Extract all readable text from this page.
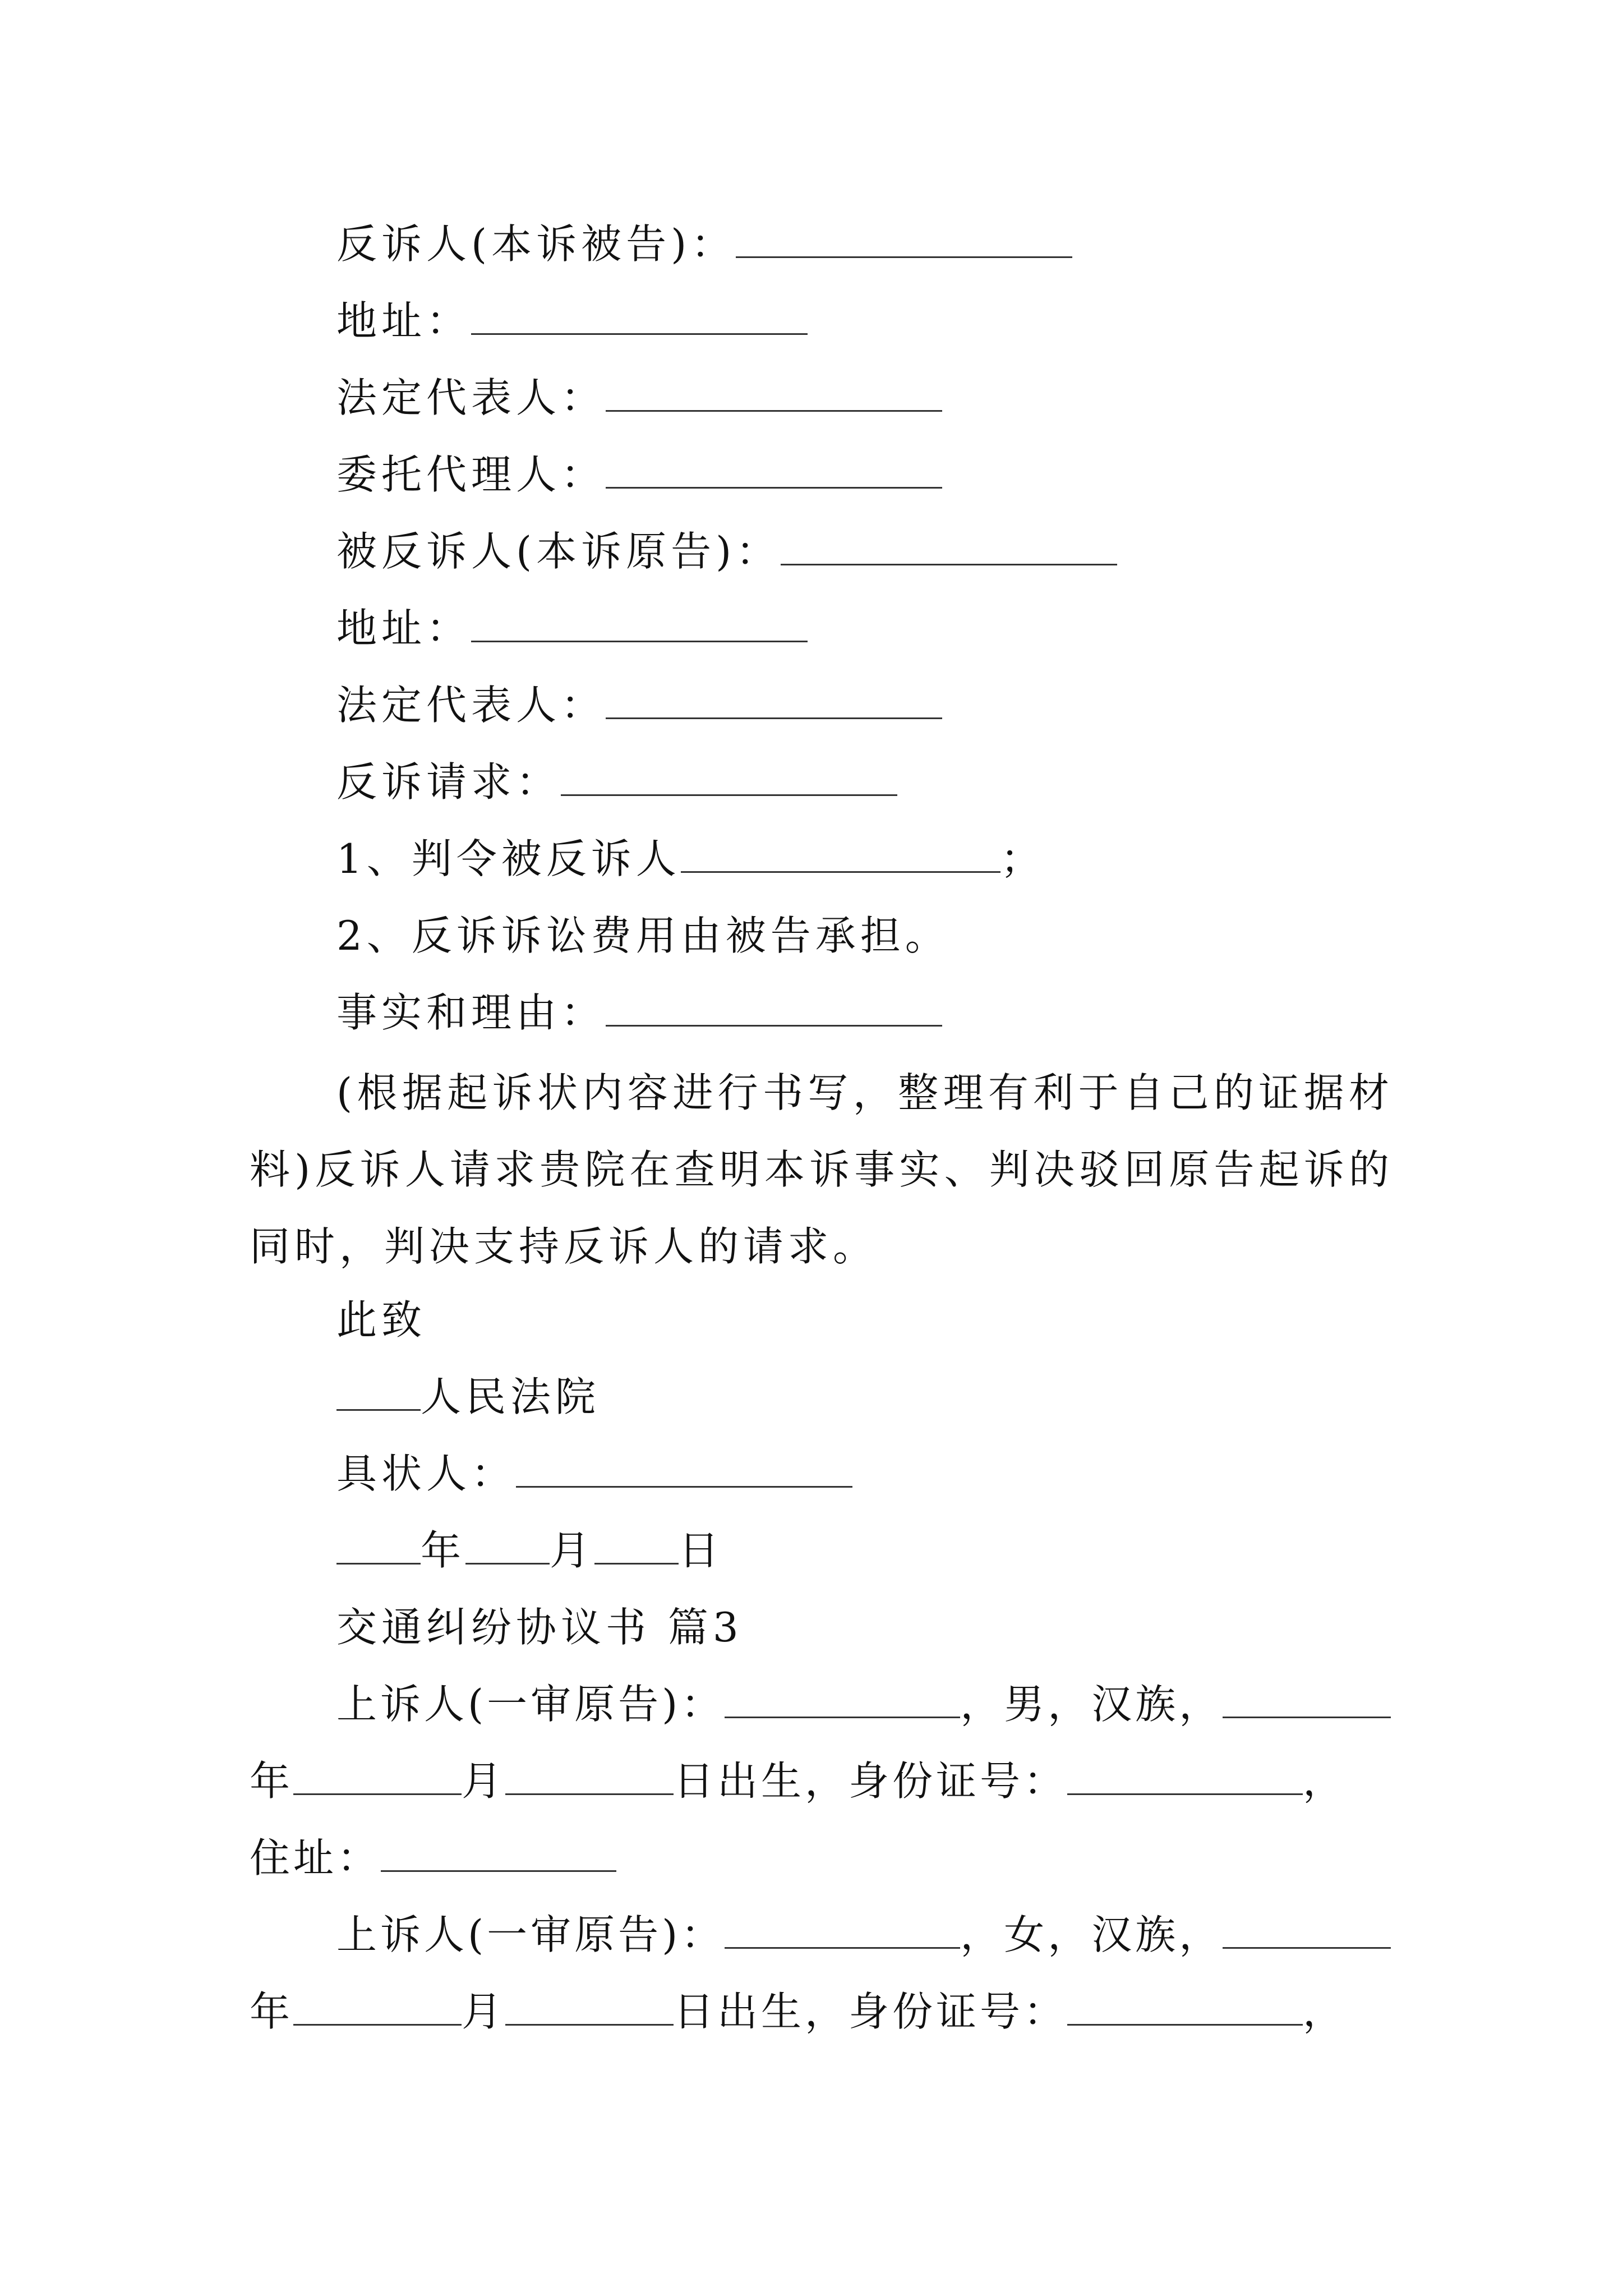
反诉人(本诉被告)：
地址：
法定代表人：
委托代理人：
被反诉人(本诉原告)：
地址：
法定代表人：
反诉请求：
1、判令被反诉人	；
2、反诉诉讼费用由被告承担。
事实和理由：
(根据起诉状内容进行书写，整理有利于自己的证据材料)反诉人请求贵院在查明本诉事实、判决驳回原告起诉的同时，判决支持反诉人的请求。
此致
人民法院
具状人：
年 月 日
交通纠纷协议书 篇3
上诉人(一审原告)：	，男，汉族，
年	月	日出生，身份证号：	，
住址：
上诉人(一审原告)：	，女，汉族，
年	月	日出生，身份证号：	，
